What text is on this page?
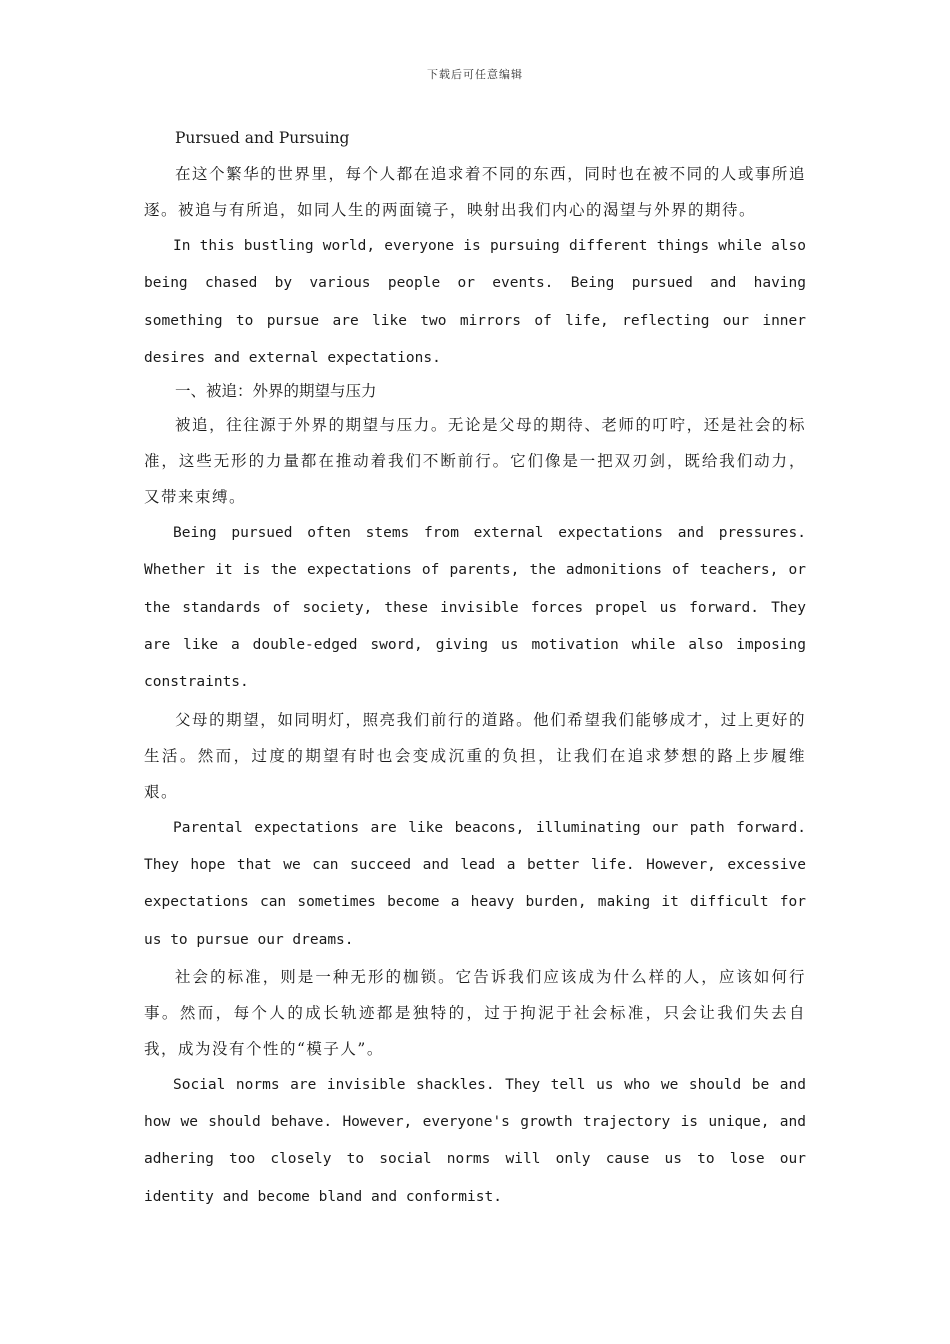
下载后可任意编辑

Pursued and Pursuing

在这个繁华的世界里，每个人都在追求着不同的东西，同时也在被不同的人或事所追逐。被追与有所追，如同人生的两面镜子，映射出我们内心的渴望与外界的期待。

In this bustling world, everyone is pursuing different things while also being chased by various people or events. Being pursued and having something to pursue are like two mirrors of life, reflecting our inner desires and external expectations.

一、被追：外界的期望与压力

被追，往往源于外界的期望与压力。无论是父母的期待、老师的叮咛，还是社会的标准，这些无形的力量都在推动着我们不断前行。它们像是一把双刃剑，既给我们动力，又带来束缚。

Being pursued often stems from external expectations and pressures. Whether it is the expectations of parents, the admonitions of teachers, or the standards of society, these invisible forces propel us forward. They are like a double-edged sword, giving us motivation while also imposing constraints.

父母的期望，如同明灯，照亮我们前行的道路。他们希望我们能够成才，过上更好的生活。然而，过度的期望有时也会变成沉重的负担，让我们在追求梦想的路上步履维艰。

Parental expectations are like beacons, illuminating our path forward. They hope that we can succeed and lead a better life. However, excessive expectations can sometimes become a heavy burden, making it difficult for us to pursue our dreams.

社会的标准，则是一种无形的枷锁。它告诉我们应该成为什么样的人，应该如何行事。然而，每个人的成长轨迹都是独特的，过于拘泥于社会标准，只会让我们失去自我，成为没有个性的“模子人”。

Social norms are invisible shackles. They tell us who we should be and how we should behave. However, everyone's growth trajectory is unique, and adhering too closely to social norms will only cause us to lose our identity and become bland and conformist.
